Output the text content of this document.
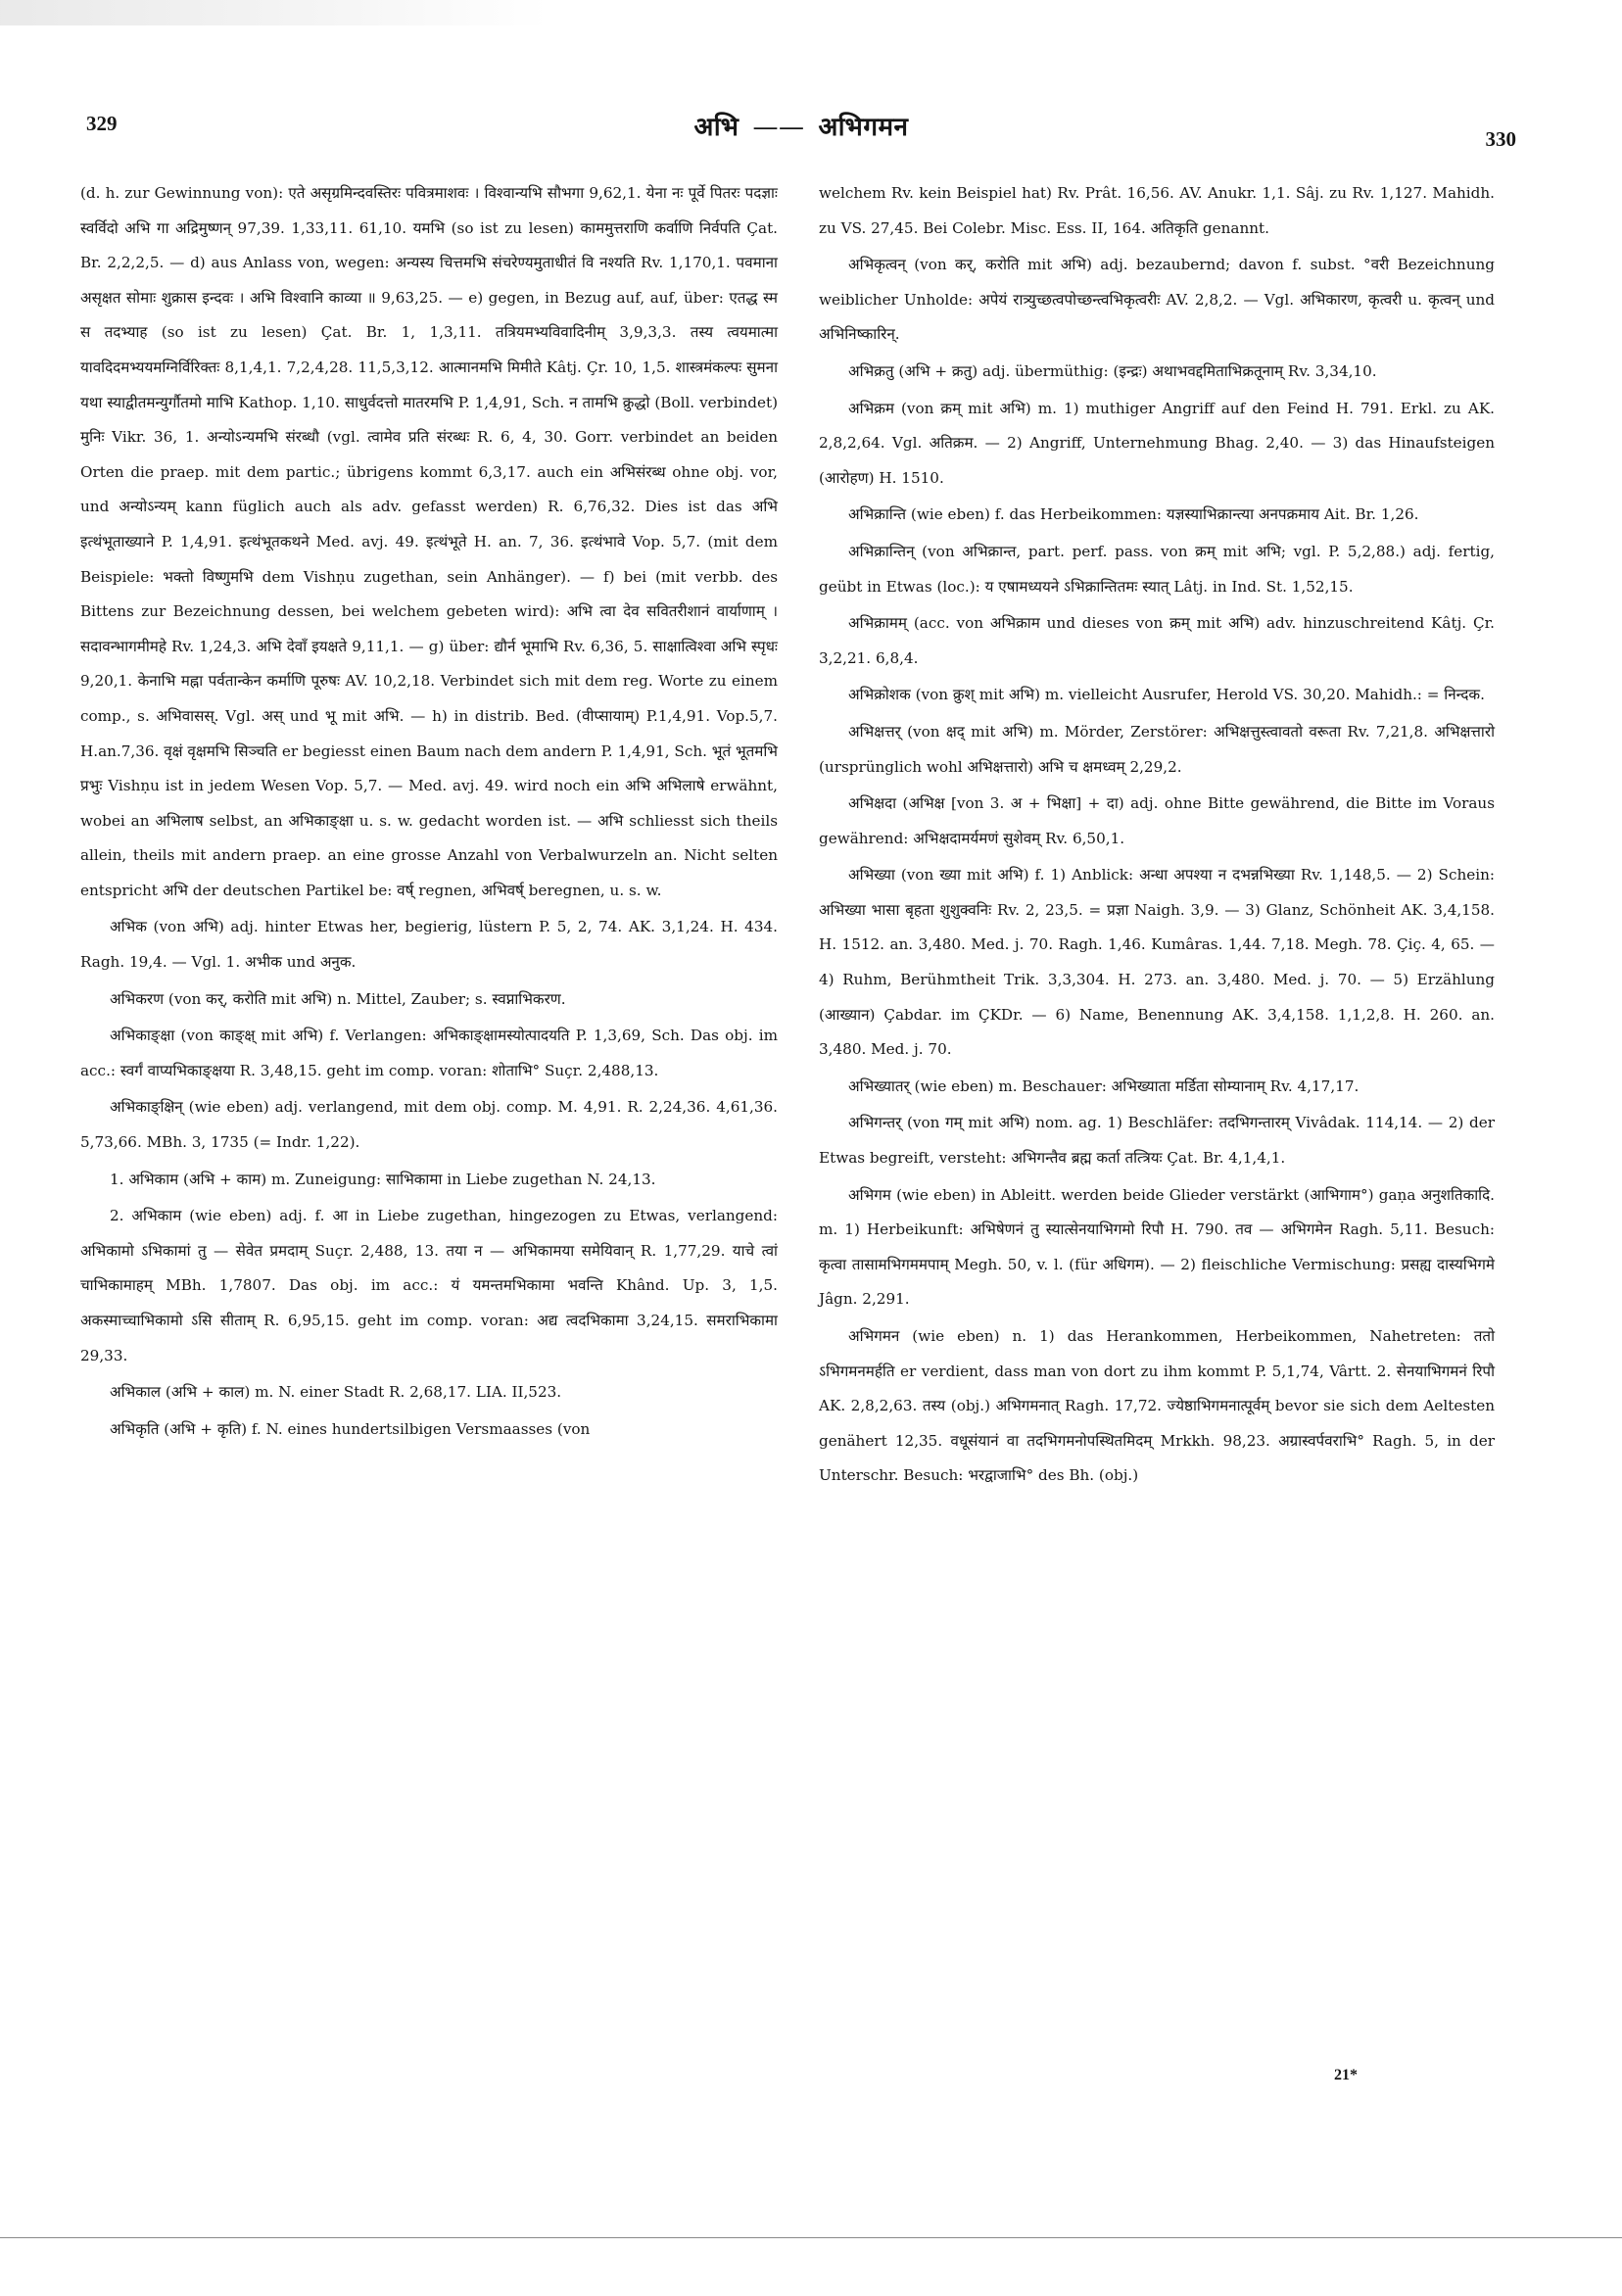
329	अभि —— अभिगमन	330

(d. h. zur Gewinnung von): एते असृग्रमिन्दवस्तिरः पवित्रमाशवः । विश्वान्यभि सौभगा 9,62,1. येना नः पूर्वे पितरः पदज्ञाः स्वर्विदो अभि गा अद्रिमुष्णन् 97,39. 1,33,11. 61,10. यमभि (so ist zu lesen) काममुत्तराणि कर्वाणि निर्वपति Çat. Br. 2,2,2,5. — d) aus Anlass von, wegen: अन्यस्य चित्तमभि संचरेण्यमुताधीतं वि नश्यति Rv. 1,170,1. पवमाना असृक्षत सोमाः शुक्रास इन्दवः । अभि विश्वानि काव्या ॥ 9,63,25. — e) gegen, in Bezug auf, auf, über: एतद्ध स्म स तदभ्याह (so ist zu lesen) Çat. Br. 1, 1,3,11. तत्रियमभ्यविवादिनीम् 3,9,3,3. तस्य त्वयमात्मा यावदिदमभ्ययमग्निर्विरिक्तः 8,1,4,1. 7,2,4,28. 11,5,3,12. आत्मानमभि मिमीते Kâtj. Çr. 10, 1,5. शास्त्रमंकल्पः सुमना यथा स्याद्वीतमन्युर्गौतमो माभि Kathop. 1,10. साधुर्वदत्तो मातरमभि P. 1,4,91, Sch. न तामभि क्रुद्धो (Boll. verbindet) मुनिः Vikr. 36, 1. अन्योऽन्यमभि संरब्धौ (vgl. त्वामेव प्रति संरब्धः R. 6, 4, 30. Gorr. verbindet an beiden Orten die praep. mit dem partic.; übrigens kommt 6,3,17. auch ein अभिसंरब्ध ohne obj. vor, und अन्योऽन्यम् kann füglich auch als adv. gefasst werden) R. 6,76,32. Dies ist das अभि इत्थंभूताख्याने P. 1,4,91. इत्थंभूतकथने Med. avj. 49. इत्थंभूते H. an. 7, 36. इत्थंभावे Vop. 5,7. (mit dem Beispiele: भक्तो विष्णुमभि dem Vishṇu zugethan, sein Anhänger). — f) bei (mit verbb. des Bittens zur Bezeichnung dessen, bei welchem gebeten wird): अभि त्वा देव सवितरीशानं वार्याणाम् । सदावन्भागमीमहे Rv. 1,24,3. अभि देवाँ इयक्षते 9,11,1. — g) über: द्यौर्न भूमाभि Rv. 6,36, 5. साक्षात्विश्वा अभि स्पृधः 9,20,1. केनाभि मह्ना पर्वतान्केन कर्माणि पूरुषः AV. 10,2,18. Verbindet sich mit dem reg. Worte zu einem comp., s. अभिवासस्. Vgl. अस् und भू mit अभि. — h) in distrib. Bed. (वीप्सायाम्) P.1,4,91. Vop.5,7. H.an.7,36. वृक्षं वृक्षमभि सिञ्चति er begiesst einen Baum nach dem andern P. 1,4,91, Sch. भूतं भूतमभि प्रभुः Vishṇu ist in jedem Wesen Vop. 5,7. — Med. avj. 49. wird noch ein अभि अभिलाषे erwähnt, wobei an अभिलाष selbst, an अभिकाङ्क्षा u. s. w. gedacht worden ist. — अभि schliesst sich theils allein, theils mit andern praep. an eine grosse Anzahl von Verbalwurzeln an. Nicht selten entspricht अभि der deutschen Partikel be: वर्ष् regnen, अभिवर्ष् beregnen, u. s. w.

अभिक (von अभि) adj. hinter Etwas her, begierig, lüstern P. 5, 2, 74. AK. 3,1,24. H. 434. Ragh. 19,4. — Vgl. 1. अभीक und अनुक.

अभिकरण (von कर्, करोति mit अभि) n. Mittel, Zauber; s. स्वप्नाभिकरण.

अभिकाङ्क्षा (von काङ्क्ष् mit अभि) f. Verlangen: अभिकाङ्क्षामस्योत्पादयति P. 1,3,69, Sch. Das obj. im acc.: स्वर्गं वाप्यभिकाङ्क्षया R. 3,48,15. geht im comp. voran: शोताभि° Suçr. 2,488,13.

अभिकाङ्क्षिन् (wie eben) adj. verlangend, mit dem obj. comp. M. 4,91. R. 2,24,36. 4,61,36. 5,73,66. MBh. 3, 1735 (= Indr. 1,22).

1. अभिकाम (अभि + काम) m. Zuneigung: साभिकामा in Liebe zugethan N. 24,13.

2. अभिकाम (wie eben) adj. f. आ in Liebe zugethan, hingezogen zu Etwas, verlangend: अभिकामो ऽभिकामां तु — सेवेत प्रमदाम् Suçr. 2,488, 13. तया न — अभिकामया समेयिवान् R. 1,77,29. याचे त्वां चाभिकामाहम् MBh. 1,7807. Das obj. im acc.: यं यमन्तमभिकामा भवन्ति Khând. Up. 3, 1,5. अकस्माच्चाभिकामो ऽसि सीताम् R. 6,95,15. geht im comp. voran: अद्य त्वदभिकामा 3,24,15. समराभिकामा 29,33.

अभिकाल (अभि + काल) m. N. einer Stadt R. 2,68,17. LIA. II,523.

अभिकृति (अभि + कृति) f. N. eines hundertsilbigen Versmaasses (von

welchem Rv. kein Beispiel hat) Rv. Prât. 16,56. AV. Anukr. 1,1. Sâj. zu Rv. 1,127. Mahidh. zu VS. 27,45. Bei Colebr. Misc. Ess. II, 164. अतिकृति genannt.

अभिकृत्वन् (von कर्, करोति mit अभि) adj. bezaubernd; davon f. subst. °वरी Bezeichnung weiblicher Unholde: अपेयं रात्र्युच्छत्वपोच्छन्त्वभिकृत्वरीः AV. 2,8,2. — Vgl. अभिकारण, कृत्वरी u. कृत्वन् und अभिनिष्कारिन्.

अभिक्रतु (अभि + क्रतु) adj. übermüthig: (इन्द्रः) अथाभवद्दमिताभिक्रतूनाम् Rv. 3,34,10.

अभिक्रम (von क्रम् mit अभि) m. 1) muthiger Angriff auf den Feind H. 791. Erkl. zu AK. 2,8,2,64. Vgl. अतिक्रम. — 2) Angriff, Unternehmung Bhag. 2,40. — 3) das Hinaufsteigen (आरोहण) H. 1510.

अभिक्रान्ति (wie eben) f. das Herbeikommen: यज्ञस्याभिक्रान्त्या अनपक्रमाय Ait. Br. 1,26.

अभिक्रान्तिन् (von अभिक्रान्त, part. perf. pass. von क्रम् mit अभि; vgl. P. 5,2,88.) adj. fertig, geübt in Etwas (loc.): य एषामध्ययने ऽभिक्रान्तितमः स्यात् Lâtj. in Ind. St. 1,52,15.

अभिक्रामम् (acc. von अभिक्राम und dieses von क्रम् mit अभि) adv. hinzuschreitend Kâtj. Çr. 3,2,21. 6,8,4.

अभिक्रोशक (von क्रुश् mit अभि) m. vielleicht Ausrufer, Herold VS. 30,20. Mahidh.: = निन्दक.

अभिक्षत्तर् (von क्षद् mit अभि) m. Mörder, Zerstörer: अभिक्षत्तुस्त्वावतो वरूता Rv. 7,21,8. अभिक्षत्तारो (ursprünglich wohl अभिक्षत्तारो) अभि च क्षमध्वम् 2,29,2.

अभिक्षदा (अभिक्ष [von 3. अ + भिक्षा] + दा) adj. ohne Bitte gewährend, die Bitte im Voraus gewährend: अभिक्षदामर्यमणं सुशेवम् Rv. 6,50,1.

अभिख्या (von ख्या mit अभि) f. 1) Anblick: अन्धा अपश्या न दभन्नभिख्या Rv. 1,148,5. — 2) Schein: अभिख्या भासा बृहता शुशुक्वनिः Rv. 2, 23,5. = प्रज्ञा Naigh. 3,9. — 3) Glanz, Schönheit AK. 3,4,158. H. 1512. an. 3,480. Med. j. 70. Ragh. 1,46. Kumâras. 1,44. 7,18. Megh. 78. Çiç. 4, 65. — 4) Ruhm, Berühmtheit Trik. 3,3,304. H. 273. an. 3,480. Med. j. 70. — 5) Erzählung (आख्यान) Çabdar. im ÇKDr. — 6) Name, Benennung AK. 3,4,158. 1,1,2,8. H. 260. an. 3,480. Med. j. 70.

अभिख्यातर् (wie eben) m. Beschauer: अभिख्याता मर्डिता सोम्यानाम् Rv. 4,17,17.

अभिगन्तर् (von गम् mit अभि) nom. ag. 1) Beschläfer: तदभिगन्तारम् Vivâdak. 114,14. — 2) der Etwas begreift, versteht: अभिगन्तैव ब्रह्म कर्ता तत्त्रियः Çat. Br. 4,1,4,1.

अभिगम (wie eben) in Ableitt. werden beide Glieder verstärkt (आभिगाम°) gaṇa अनुशतिकादि. m. 1) Herbeikunft: अभिषेणनं तु स्यात्सेनयाभिगमो रिपौ H. 790. तव — अभिगमेन Ragh. 5,11. Besuch: कृत्वा तासामभिगममपाम् Megh. 50, v. l. (für अधिगम). — 2) fleischliche Vermischung: प्रसह्य दास्यभिगमे Jâgn. 2,291.

अभिगमन (wie eben) n. 1) das Herankommen, Herbeikommen, Nahetreten: ततो ऽभिगमनमर्हति er verdient, dass man von dort zu ihm kommt P. 5,1,74, Vârtt. 2. सेनयाभिगमनं रिपौ AK. 2,8,2,63. तस्य (obj.) अभिगमनात् Ragh. 17,72. ज्येष्ठाभिगमनात्पूर्वम् bevor sie sich dem Aeltesten genähert 12,35. वधूसंयानं वा तदभिगमनोपस्थितमिदम् Mrkkh. 98,23. अग्रास्वर्पवराभि° Ragh. 5, in der Unterschr. Besuch: भरद्वाजाभि° des Bh. (obj.)

21*
